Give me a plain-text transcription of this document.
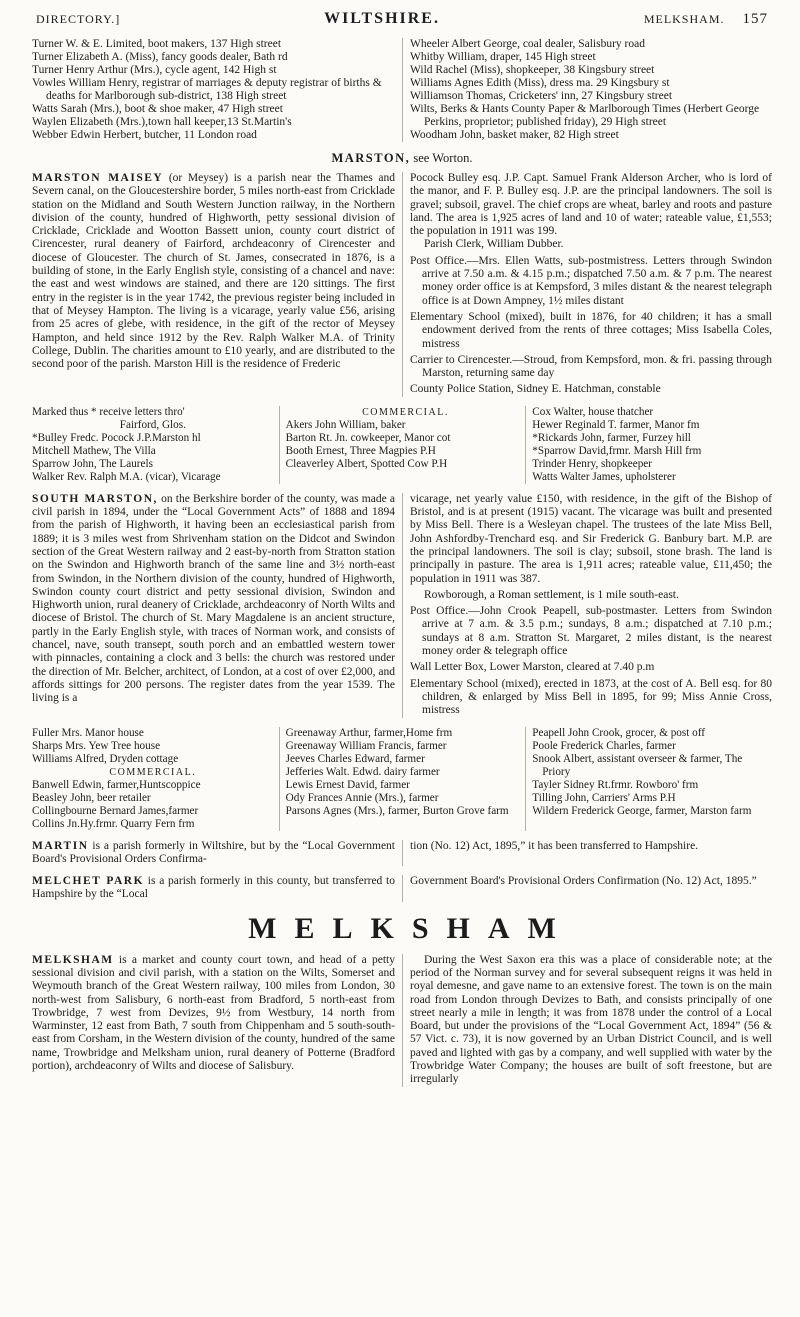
DIRECTORY.]	WILTSHIRE.	MELKSHAM. 157
Turner W. & E. Limited, boot makers, 137 High street
Turner Elizabeth A. (Miss), fancy goods dealer, Bath rd
Turner Henry Arthur (Mrs.), cycle agent, 142 High st
Vowles William Henry, registrar of marriages & deputy registrar of births & deaths for Marlborough sub-district, 138 High street
Watts Sarah (Mrs.), boot & shoe maker, 47 High street
Waylen Elizabeth (Mrs.),town hall keeper,13 St.Martin's
Webber Edwin Herbert, butcher, 11 London road
Wheeler Albert George, coal dealer, Salisbury road
Whitby William, draper, 145 High street
Wild Rachel (Miss), shopkeeper, 38 Kingsbury street
Williams Agnes Edith (Miss), dress ma. 29 Kingsbury st
Williamson Thomas, Cricketers' inn, 27 Kingsbury street
Wilts, Berks & Hants County Paper & Marlborough Times (Herbert George Perkins, proprietor; published friday), 29 High street
Woodham John, basket maker, 82 High street
MARSTON, see Worton.

MARSTON MAISEY (or Meysey) is a parish near the Thames and Severn canal, on the Gloucestershire border, 5 miles north-east from Cricklade station on the Midland and South Western Junction railway, in the Northern division of the county, hundred of Highworth, petty sessional division of Cricklade, Cricklade and Wootton Bassett union, county court district of Cirencester, rural deanery of Fairford, archdeaconry of Cirencester and diocese of Gloucester. The church of St. James, consecrated in 1876, is a building of stone, in the Early English style, consisting of a chancel and nave: the east and west windows are stained, and there are 120 sittings. The first entry in the register is in the year 1742, the previous register being included in that of Meysey Hampton. The living is a vicarage, yearly value £56, arising from 25 acres of glebe, with residence, in the gift of the rector of Meysey Hampton, and held since 1912 by the Rev. Ralph Walker M.A. of Trinity College, Dublin. The charities amount to £10 yearly, and are distributed to the second poor of the parish. Marston Hill is the residence of Frederic

Pocock Bulley esq. J.P. Capt. Samuel Frank Alderson Archer, who is lord of the manor, and F. P. Bulley esq. J.P. are the principal landowners. The soil is gravel; subsoil, gravel. The chief crops are wheat, barley and roots and pasture land. The area is 1,925 acres of land and 10 of water; rateable value, £1,553; the population in 1911 was 199.

Parish Clerk, William Dubber.

Post Office.—Mrs. Ellen Watts, sub-postmistress. Letters through Swindon arrive at 7.50 a.m. & 4.15 p.m.; dispatched 7.50 a.m. & 7 p.m. The nearest money order office is at Kempsford, 3 miles distant & the nearest telegraph office is at Down Ampney, 1½ miles distant

Elementary School (mixed), built in 1876, for 40 children; it has a small endowment derived from the rents of three cottages; Miss Isabella Coles, mistress

Carrier to Cirencester.—Stroud, from Kempsford, mon. & fri. passing through Marston, returning same day

County Police Station, Sidney E. Hatchman, constable

Marked thus * receive letters thro'
Fairford, Glos.
*Bulley Fredc. Pocock J.P.Marston hl
Mitchell Mathew, The Villa
Sparrow John, The Laurels
Walker Rev. Ralph M.A. (vicar), Vicarage
COMMERCIAL.
Akers John William, baker
Barton Rt. Jn. cowkeeper, Manor cot
Booth Ernest, Three Magpies P.H
Cleaverley Albert, Spotted Cow P.H
Cox Walter, house thatcher
Hewer Reginald T. farmer, Manor fm
*Rickards John, farmer, Furzey hill
*Sparrow David,frmr. Marsh Hill frm
Trinder Henry, shopkeeper
Watts Walter James, upholsterer

SOUTH MARSTON, on the Berkshire border of the county, was made a civil parish in 1894, under the “Local Government Acts” of 1888 and 1894 from the parish of Highworth, it having been an ecclesiastical parish from 1889; it is 3 miles west from Shrivenham station on the Didcot and Swindon section of the Great Western railway and 2 east-by-north from Stratton station on the Swindon and Highworth branch of the same line and 3½ north-east from Swindon, in the Northern division of the county, hundred of Highworth, Swindon county court district and petty sessional division, Swindon and Highworth union, rural deanery of Cricklade, archdeaconry of North Wilts and diocese of Bristol. The church of St. Mary Magdalene is an ancient structure, partly in the Early English style, with traces of Norman work, and consists of chancel, nave, south transept, south porch and an embattled western tower with pinnacles, containing a clock and 3 bells: the church was restored under the direction of Mr. Belcher, architect, of London, at a cost of over £2,000, and affords sittings for 200 persons. The register dates from the year 1539. The living is a

vicarage, net yearly value £150, with residence, in the gift of the Bishop of Bristol, and is at present (1915) vacant. The vicarage was built and presented by Miss Bell. There is a Wesleyan chapel. The trustees of the late Miss Bell, John Ashfordby-Trenchard esq. and Sir Frederick G. Banbury bart. M.P. are the principal landowners. The soil is clay; subsoil, stone brash. The land is principally in pasture. The area is 1,911 acres; rateable value, £11,450; the population in 1911 was 387.

Rowborough, a Roman settlement, is 1 mile south-east.

Post Office.—John Crook Peapell, sub-postmaster. Letters from Swindon arrive at 7 a.m. & 3.5 p.m.; sundays, 8 a.m.; dispatched at 7.10 p.m.; sundays at 8 a.m. Stratton St. Margaret, 2 miles distant, is the nearest money order & telegraph office

Wall Letter Box, Lower Marston, cleared at 7.40 p.m

Elementary School (mixed), erected in 1873, at the cost of A. Bell esq. for 80 children, & enlarged by Miss Bell in 1895, for 99; Miss Annie Cross, mistress

Fuller Mrs. Manor house
Sharps Mrs. Yew Tree house
Williams Alfred, Dryden cottage
COMMERCIAL.
Banwell Edwin, farmer,Huntscoppice
Beasley John, beer retailer
Collingbourne Bernard James,farmer
Collins Jn.Hy.frmr. Quarry Fern frm
Greenaway Arthur, farmer,Home frm
Greenaway William Francis, farmer
Jeeves Charles Edward, farmer
Jefferies Walt. Edwd. dairy farmer
Lewis Ernest David, farmer
Ody Frances Annie (Mrs.), farmer
Parsons Agnes (Mrs.), farmer, Burton Grove farm
Peapell John Crook, grocer, & post off
Poole Frederick Charles, farmer
Snook Albert, assistant overseer & farmer, The Priory
Tayler Sidney Rt.frmr. Rowboro' frm
Tilling John, Carriers' Arms P.H
Wildern Frederick George, farmer, Marston farm

MARTIN is a parish formerly in Wiltshire, but by the “Local Government Board's Provisional Orders Confirma-

tion (No. 12) Act, 1895,” it has been transferred to Hampshire.

MELCHET PARK is a parish formerly in this county, but transferred to Hampshire by the “Local

Government Board's Provisional Orders Confirmation (No. 12) Act, 1895.”

MELKSHAM

MELKSHAM is a market and county court town, and head of a petty sessional division and civil parish, with a station on the Wilts, Somerset and Weymouth branch of the Great Western railway, 100 miles from London, 30 north-west from Salisbury, 6 north-east from Bradford, 5 north-east from Trowbridge, 7 west from Devizes, 9½ from Westbury, 14 north from Warminster, 12 east from Bath, 7 south from Chippenham and 5 south-south-east from Corsham, in the Western division of the county, hundred of the same name, Trowbridge and Melksham union, rural deanery of Potterne (Bradford portion), archdeaconry of Wilts and diocese of Salisbury.

During the West Saxon era this was a place of considerable note; at the period of the Norman survey and for several subsequent reigns it was held in royal demesne, and gave name to an extensive forest. The town is on the main road from London through Devizes to Bath, and consists principally of one street nearly a mile in length; it was from 1878 under the control of a Local Board, but under the provisions of the “Local Government Act, 1894” (56 & 57 Vict. c. 73), it is now governed by an Urban District Council, and is well paved and lighted with gas by a company, and well supplied with water by the Trowbridge Water Company; the houses are built of soft freestone, but are irregularly
